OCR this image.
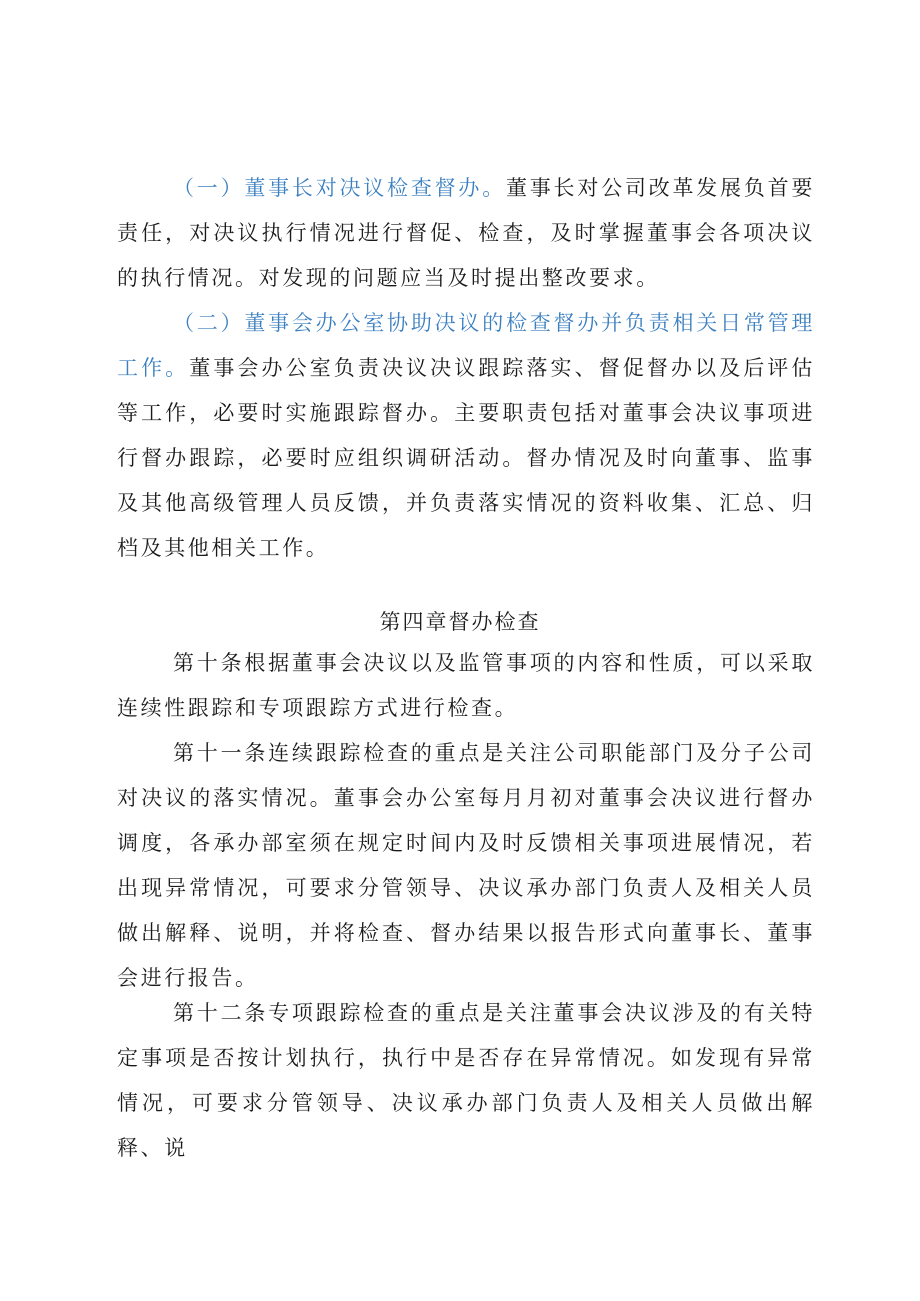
（一）董事长对决议检查督办。董事长对公司改革发展负首要责任，对决议执行情况进行督促、检查，及时掌握董事会各项决议的执行情况。对发现的问题应当及时提出整改要求。

（二）董事会办公室协助决议的检查督办并负责相关日常管理工作。董事会办公室负责决议决议跟踪落实、督促督办以及后评估等工作，必要时实施跟踪督办。主要职责包括对董事会决议事项进行督办跟踪，必要时应组织调研活动。督办情况及时向董事、监事及其他高级管理人员反馈，并负责落实情况的资料收集、汇总、归档及其他相关工作。

第四章督办检查

第十条根据董事会决议以及监管事项的内容和性质，可以采取连续性跟踪和专项跟踪方式进行检查。

第十一条连续跟踪检查的重点是关注公司职能部门及分子公司对决议的落实情况。董事会办公室每月月初对董事会决议进行督办调度，各承办部室须在规定时间内及时反馈相关事项进展情况，若出现异常情况，可要求分管领导、决议承办部门负责人及相关人员做出解释、说明，并将检查、督办结果以报告形式向董事长、董事会进行报告。

第十二条专项跟踪检查的重点是关注董事会决议涉及的有关特定事项是否按计划执行，执行中是否存在异常情况。如发现有异常情况，可要求分管领导、决议承办部门负责人及相关人员做出解释、说
